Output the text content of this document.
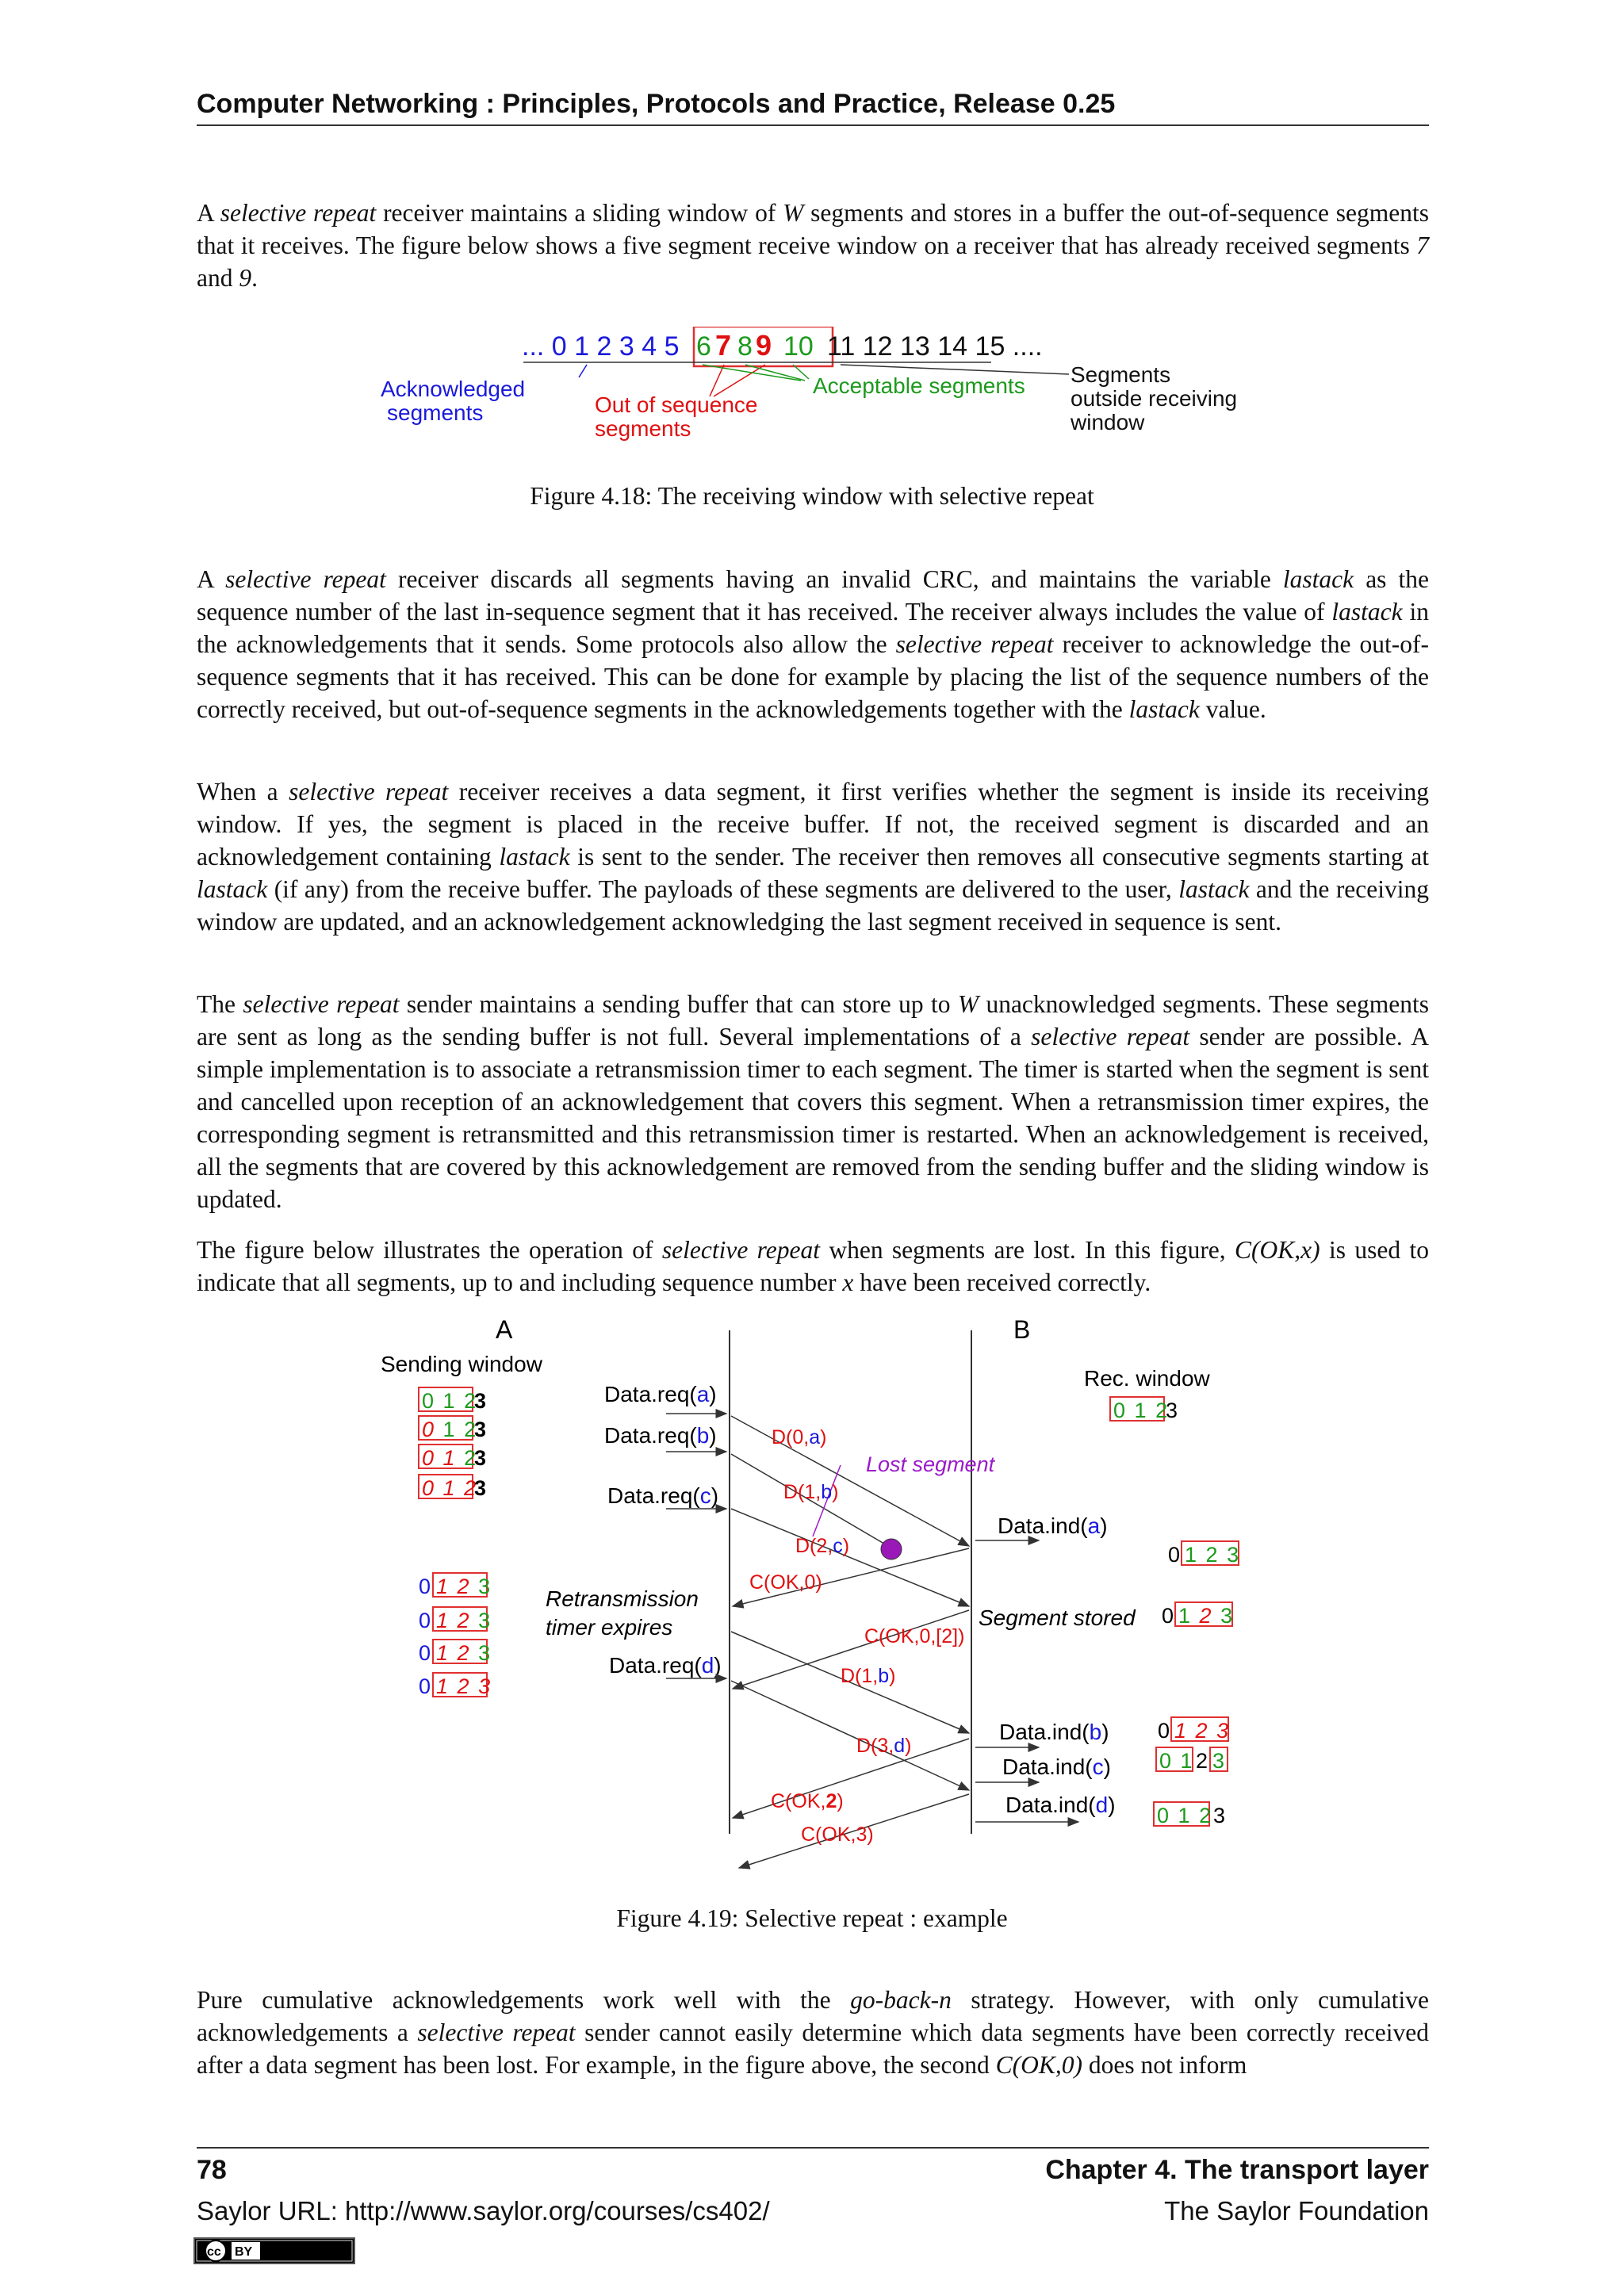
Computer Networking : Principles, Protocols and Practice, Release 0.25

A selective repeat receiver maintains a sliding window of W segments and stores in a buffer the out-of-sequence segments that it receives. The figure below shows a five segment receive window on a receiver that has already received segments 7 and 9.

... 0 1 2 3 4 5 6 7 8 9 10 11 12 13 14 15 ....
Acknowledged
segments	Out of sequence
segments
Acceptable segments Segments
outside receiving
window
Figure 4.18: The receiving window with selective repeat

A selective repeat receiver discards all segments having an invalid CRC, and maintains the variable lastack as the sequence number of the last in-sequence segment that it has received. The receiver always includes the value of lastack in the acknowledgements that it sends. Some protocols also allow the selective repeat receiver to acknowledge the out-of-sequence segments that it has received. This can be done for example by placing the list of the sequence numbers of the correctly received, but out-of-sequence segments in the acknowledgements together with the lastack value.

When a selective repeat receiver receives a data segment, it first verifies whether the segment is inside its receiving window. If yes, the segment is placed in the receive buffer. If not, the received segment is discarded and an acknowledgement containing lastack is sent to the sender. The receiver then removes all consecutive segments starting at lastack (if any) from the receive buffer. The payloads of these segments are delivered to the user, lastack and the receiving window are updated, and an acknowledgement acknowledging the last segment received in sequence is sent.

The selective repeat sender maintains a sending buffer that can store up to W unacknowledged segments. These segments are sent as long as the sending buffer is not full. Several implementations of a selective repeat sender are possible. A simple implementation is to associate a retransmission timer to each segment. The timer is started when the segment is sent and cancelled upon reception of an acknowledgement that covers this segment. When a retransmission timer expires, the corresponding segment is retransmitted and this retransmission timer is restarted. When an acknowledgement is received, all the segments that are covered by this acknowledgement are removed from the sending buffer and the sliding window is updated.

The figure below illustrates the operation of selective repeat when segments are lost. In this figure, C(OK,x) is used to indicate that all segments, up to and including sequence number x have been received correctly.

A	B
Sending window
Rec. window
0 1 2
3
0 1 2
3
0 1 2
3
0 1 2
3
0 1 2 3
0 1 2 3
0 1 2 3
0 1 2 3
0 1 2
3
0 1 2 3
0 1 2 3
0 1 2 3
0 1 2 3
0 1 2 3
Data.req(a)
Data.req(b)
Data.req(c)
Data.req(d)
D(0,a)
D(1,b)
D(2,c)
C(OK,0)
C(OK,0,[2])
D(1,b)
D(3,d)
C(OK,2)
C(OK,3)
Lost segment
Retransmission
timer expires	Segment stored
Data.ind(a)
Data.ind(b)
Data.ind(c)
Data.ind(d)
Figure 4.19: Selective repeat : example

Pure cumulative acknowledgements work well with the go-back-n strategy. However, with only cumulative acknowledgements a selective repeat sender cannot easily determine which data segments have been correctly received after a data segment has been lost. For example, in the figure above, the second C(OK,0) does not inform

78	Chapter 4. The transport layer
Saylor URL: http://www.saylor.org/courses/cs402/	The Saylor Foundation
cc BY
